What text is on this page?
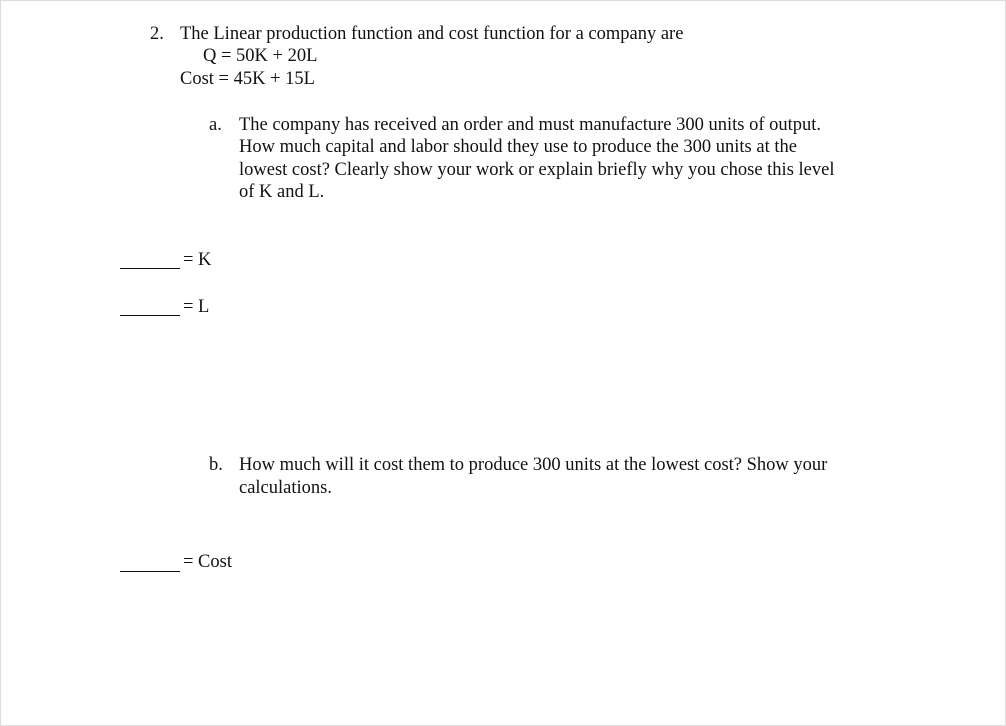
2. The Linear production function and cost function for a company are
Q = 50K + 20L
Cost = 45K + 15L
a. The company has received an order and must manufacture 300 units of output.
How much capital and labor should they use to produce the 300 units at the
lowest cost? Clearly show your work or explain briefly why you chose this level
of K and L.
= K
= L
b. How much will it cost them to produce 300 units at the lowest cost? Show your
calculations.
= Cost
